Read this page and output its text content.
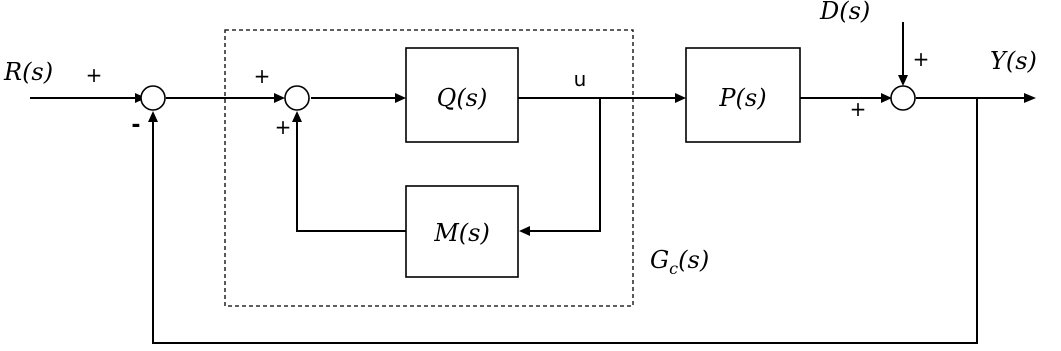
Q(s)	P(s)
M(s)
R(s)
D(s)
Y(s)
u
$G_c(s)$
+
-
+
+
+
+
